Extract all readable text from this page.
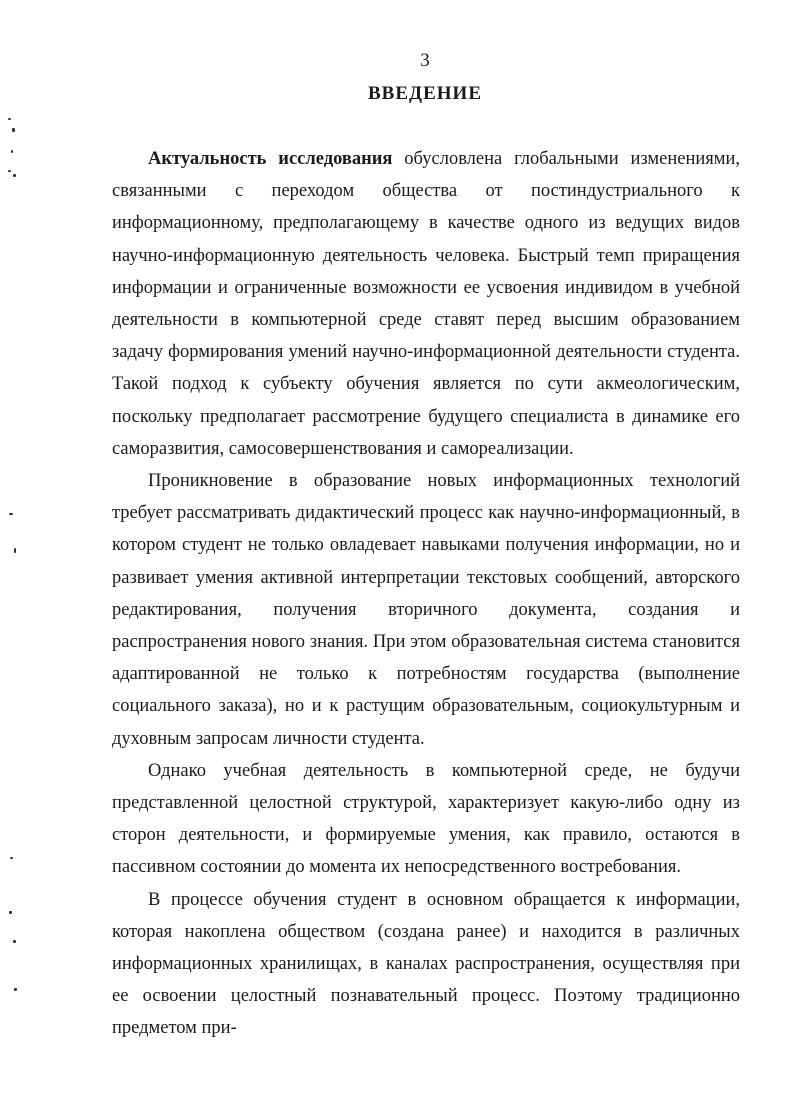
3
ВВЕДЕНИЕ

Актуальность исследования обусловлена глобальными изменениями, связанными с переходом общества от постиндустриального к информационному, предполагающему в качестве одного из ведущих видов научно-информационную деятельность человека. Быстрый темп приращения информации и ограниченные возможности ее усвоения индивидом в учебной деятельности в компьютерной среде ставят перед высшим образованием задачу формирования умений научно-информационной деятельности студента. Такой подход к субъекту обучения является по сути акмеологическим, поскольку предполагает рассмотрение будущего специалиста в динамике его саморазвития, самосовершенствования и самореализации.

Проникновение в образование новых информационных технологий требует рассматривать дидактический процесс как научно-информационный, в котором студент не только овладевает навыками получения информации, но и развивает умения активной интерпретации текстовых сообщений, авторского редактирования, получения вторичного документа, создания и распространения нового знания. При этом образовательная система становится адаптированной не только к потребностям государства (выполнение социального заказа), но и к растущим образовательным, социокультурным и духовным запросам личности студента.

Однако учебная деятельность в компьютерной среде, не будучи представленной целостной структурой, характеризует какую-либо одну из сторон деятельности, и формируемые умения, как правило, остаются в пассивном состоянии до момента их непосредственного востребования.

В процессе обучения студент в основном обращается к информации, которая накоплена обществом (создана ранее) и находится в различных информационных хранилищах, в каналах распространения, осуществляя при ее освоении целостный познавательный процесс. Поэтому традиционно предметом при-
